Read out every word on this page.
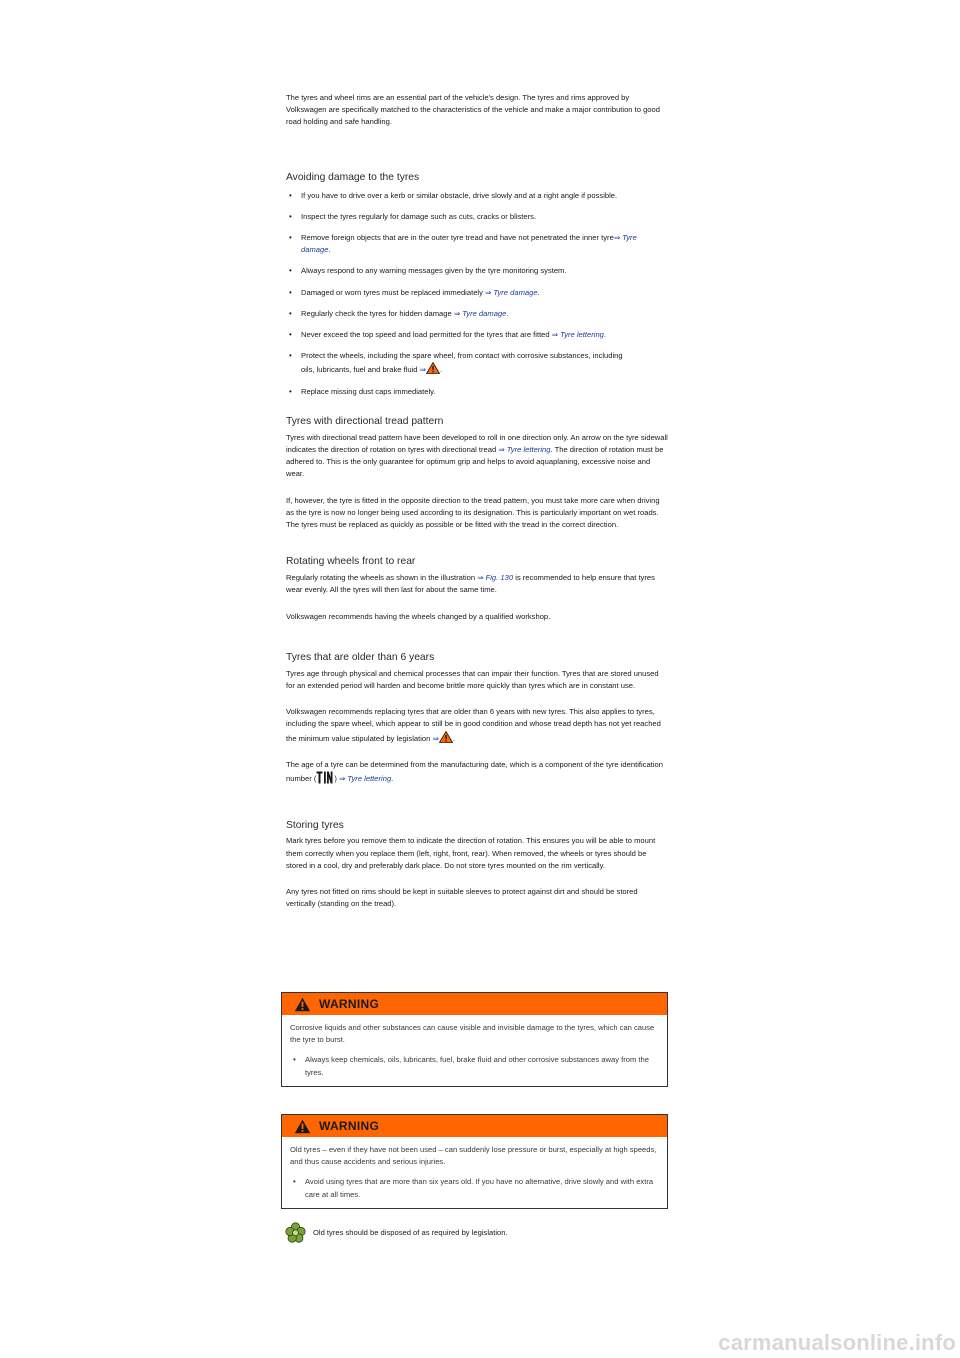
The tyres and wheel rims are an essential part of the vehicle's design. The tyres and rims approved by Volkswagen are specifically matched to the characteristics of the vehicle and make a major contribution to good road holding and safe handling.

Avoiding damage to the tyres
• If you have to drive over a kerb or similar obstacle, drive slowly and at a right angle if possible.
• Inspect the tyres regularly for damage such as cuts, cracks or blisters.
• Remove foreign objects that are in the outer tyre tread and have not penetrated the inner tyre⇒ Tyre damage.
• Always respond to any warning messages given by the tyre monitoring system.
• Damaged or worn tyres must be replaced immediately ⇒ Tyre damage.
• Regularly check the tyres for hidden damage ⇒ Tyre damage.
• Never exceed the top speed and load permitted for the tyres that are fitted ⇒ Tyre lettering.
• Protect the wheels, including the spare wheel, from contact with corrosive substances, including
oils, lubricants, fuel and brake fluid ⇒ .
• Replace missing dust caps immediately.
Tyres with directional tread pattern

Tyres with directional tread pattern have been developed to roll in one direction only. An arrow on the tyre sidewall indicates the direction of rotation on tyres with directional tread ⇒ Tyre lettering. The direction of rotation must be adhered to. This is the only guarantee for optimum grip and helps to avoid aquaplaning, excessive noise and wear.

If, however, the tyre is fitted in the opposite direction to the tread pattern, you must take more care when driving as the tyre is now no longer being used according to its designation. This is particularly important on wet roads. The tyres must be replaced as quickly as possible or be fitted with the tread in the correct direction.

Rotating wheels front to rear

Regularly rotating the wheels as shown in the illustration ⇒ Fig. 130 is recommended to help ensure that tyres wear evenly. All the tyres will then last for about the same time.

Volkswagen recommends having the wheels changed by a qualified workshop.

Tyres that are older than 6 years

Tyres age through physical and chemical processes that can impair their function. Tyres that are stored unused for an extended period will harden and become brittle more quickly than tyres which are in constant use.

Volkswagen recommends replacing tyres that are older than 6 years with new tyres. This also applies to tyres, including the spare wheel, which appear to still be in good condition and whose tread depth has not yet reached the minimum value stipulated by legislation ⇒ .

The age of a tyre can be determined from the manufacturing date, which is a component of the tyre identification number ( ) ⇒ Tyre lettering.

Storing tyres

Mark tyres before you remove them to indicate the direction of rotation. This ensures you will be able to mount them correctly when you replace them (left, right, front, rear). When removed, the wheels or tyres should be stored in a cool, dry and preferably dark place. Do not store tyres mounted on the rim vertically.

Any tyres not fitted on rims should be kept in suitable sleeves to protect against dirt and should be stored vertically (standing on the tread).

WARNING

Corrosive liquids and other substances can cause visible and invisible damage to the tyres, which can cause the tyre to burst.

• Always keep chemicals, oils, lubricants, fuel, brake fluid and other corrosive substances away from the tyres.
WARNING

Old tyres – even if they have not been used – can suddenly lose pressure or burst, especially at high speeds, and thus cause accidents and serious injuries.

• Avoid using tyres that are more than six years old. If you have no alternative, drive slowly and with extra care at all times.
Old tyres should be disposed of as required by legislation.
carmanualsonline.info
